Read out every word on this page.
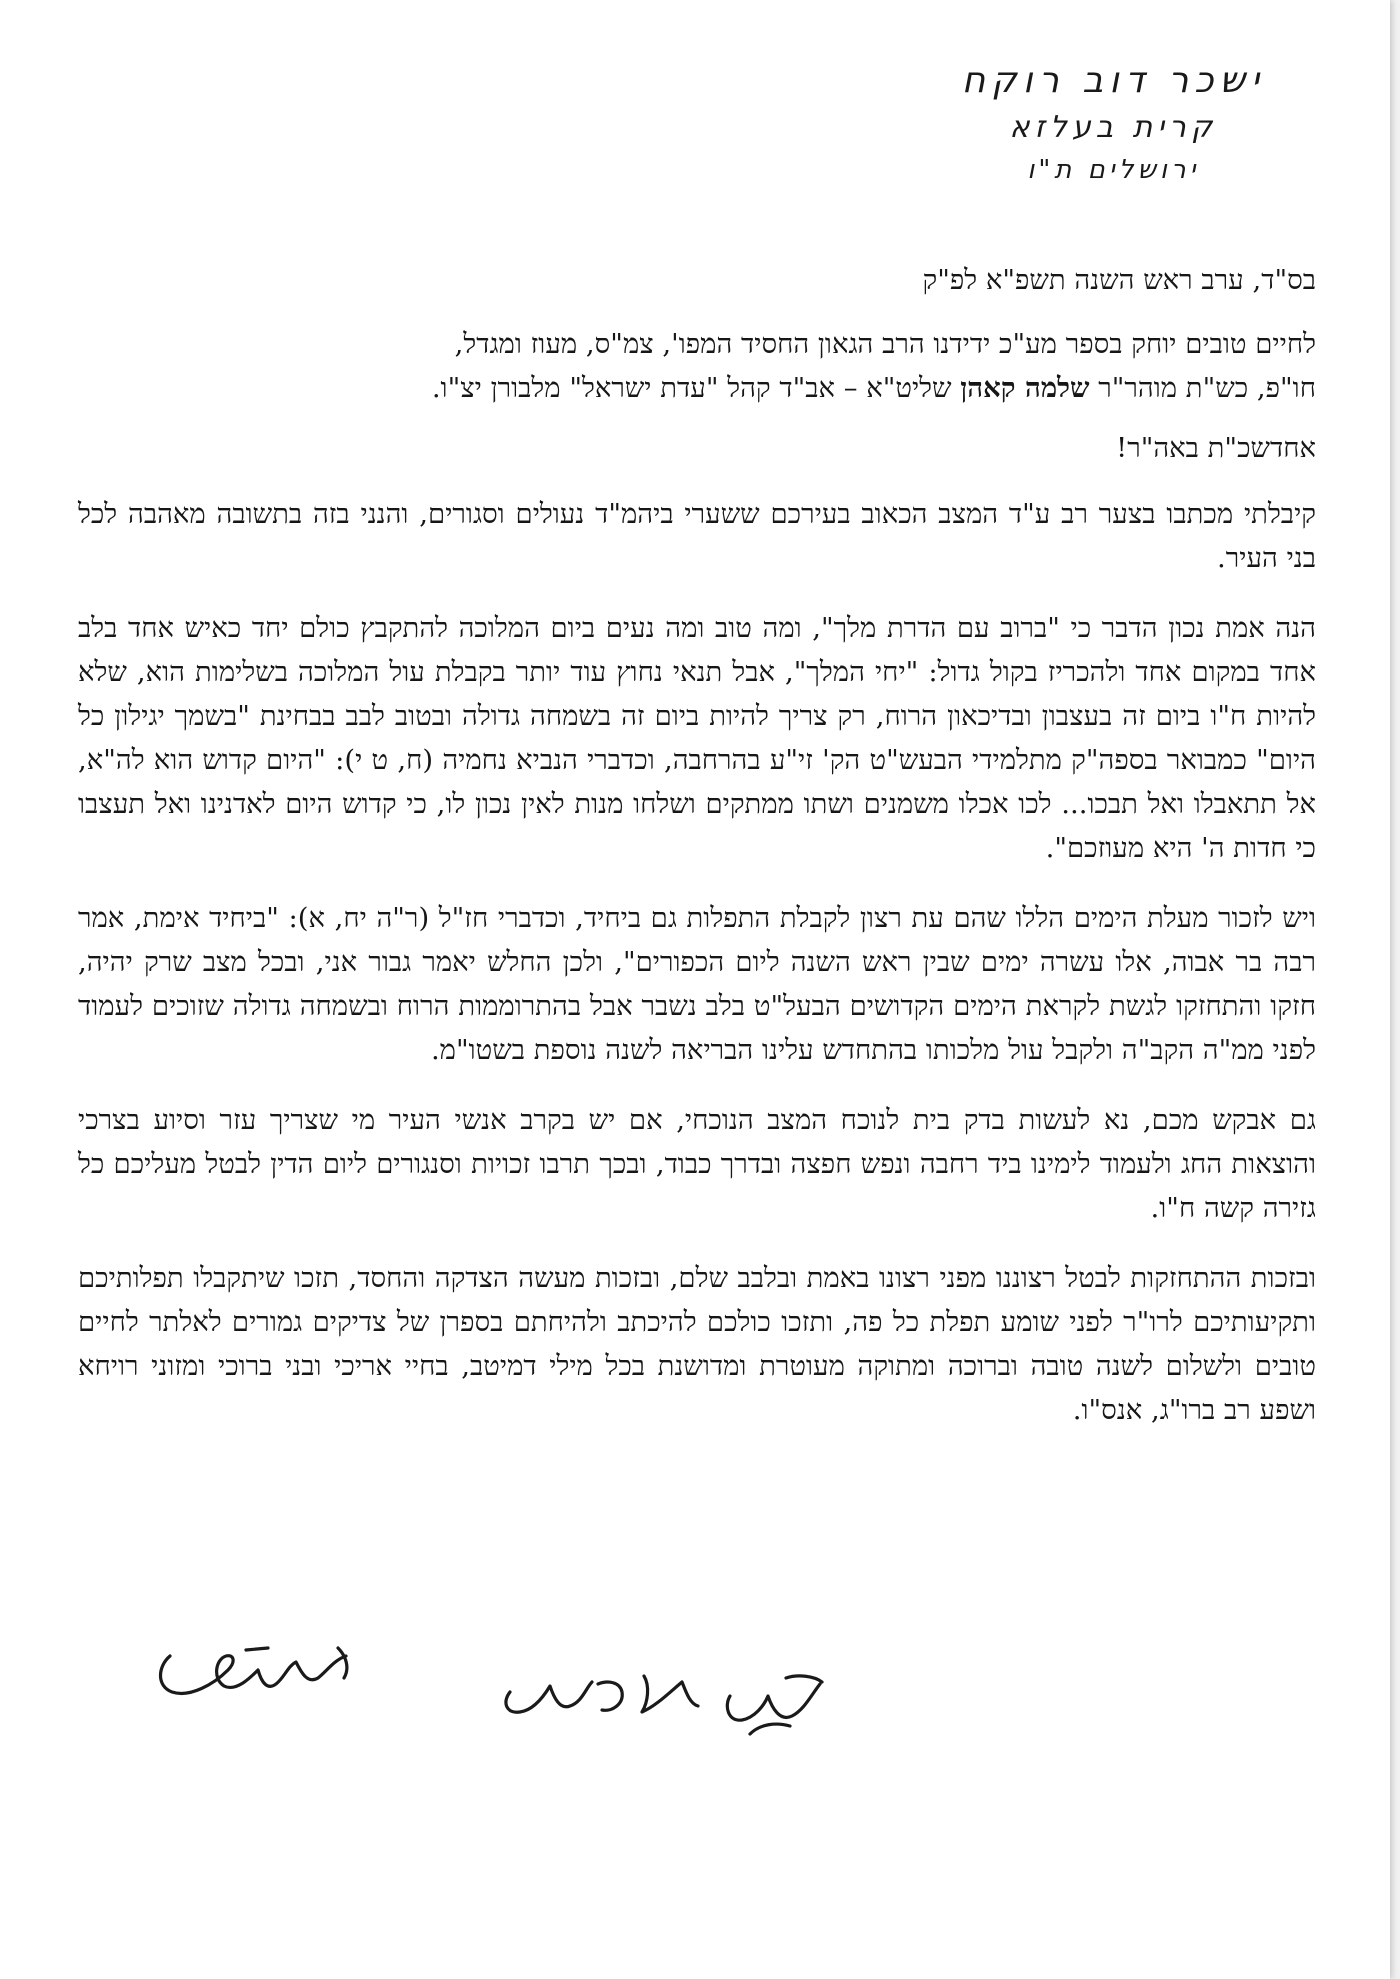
ישכר דוב רוקח
קרית בעלזא
ירושלים ת"ו

בס"ד, ערב ראש השנה תשפ"א לפ"ק

לחיים טובים יוחק בספר מע"כ ידידנו הרב הגאון החסיד המפו', צמ"ס, מעוז ומגדל,

חו"פ, כש"ת מוהר"ר שלמה קאהן שליט"א – אב"ד קהל "עדת ישראל" מלבורן יצ"ו.

אחדשכ"ת באה"ר!

קיבלתי מכתבו בצער רב ע"ד המצב הכאוב בעירכם ששערי ביהמ"ד נעולים וסגורים, והנני בזה בתשובה מאהבה לכל בני העיר.

הנה אמת נכון הדבר כי "ברוב עם הדרת מלך", ומה טוב ומה נעים ביום המלוכה להתקבץ כולם יחד כאיש אחד בלב אחד במקום אחד ולהכריז בקול גדול: "יחי המלך", אבל תנאי נחוץ עוד יותר בקבלת עול המלוכה בשלימות הוא, שלא להיות ח"ו ביום זה בעצבון ובדיכאון הרוח, רק צריך להיות ביום זה בשמחה גדולה ובטוב לבב בבחינת "בשמך יגילון כל היום" כמבואר בספה"ק מתלמידי הבעש"ט הק' זי"ע בהרחבה, וכדברי הנביא נחמיה (ח, ט י): "היום קדוש הוא לה"א, אל תתאבלו ואל תבכו... לכו אכלו משמנים ושתו ממתקים ושלחו מנות לאין נכון לו, כי קדוש היום לאדנינו ואל תעצבו כי חדות ה' היא מעוזכם".

ויש לזכור מעלת הימים הללו שהם עת רצון לקבלת התפלות גם ביחיד, וכדברי חז"ל (ר"ה יח, א): "ביחיד אימת, אמר רבה בר אבוה, אלו עשרה ימים שבין ראש השנה ליום הכפורים", ולכן החלש יאמר גבור אני, ובכל מצב שרק יהיה, חזקו והתחזקו לגשת לקראת הימים הקדושים הבעל"ט בלב נשבר אבל בהתרוממות הרוח ובשמחה גדולה שזוכים לעמוד לפני ממ"ה הקב"ה ולקבל עול מלכותו בהתחדש עלינו הבריאה לשנה נוספת בשטו"מ.

גם אבקש מכם, נא לעשות בדק בית לנוכח המצב הנוכחי, אם יש בקרב אנשי העיר מי שצריך עזר וסיוע בצרכי והוצאות החג ולעמוד לימינו ביד רחבה ונפש חפצה ובדרך כבוד, ובכך תרבו זכויות וסנגורים ליום הדין לבטל מעליכם כל גזירה קשה ח"ו.

ובזכות ההתחזקות לבטל רצוננו מפני רצונו באמת ובלבב שלם, ובזכות מעשה הצדקה והחסד, תזכו שיתקבלו תפלותיכם ותקיעותיכם לרו"ר לפני שומע תפלת כל פה, ותזכו כולכם להיכתב ולהיחתם בספרן של צדיקים גמורים לאלתר לחיים טובים ולשלום לשנה טובה וברוכה ומתוקה מעוטרת ומדושנת בכל מילי דמיטב, בחיי אריכי ובני ברוכי ומזוני רויחא ושפע רב ברו"ג, אנס"ו.
